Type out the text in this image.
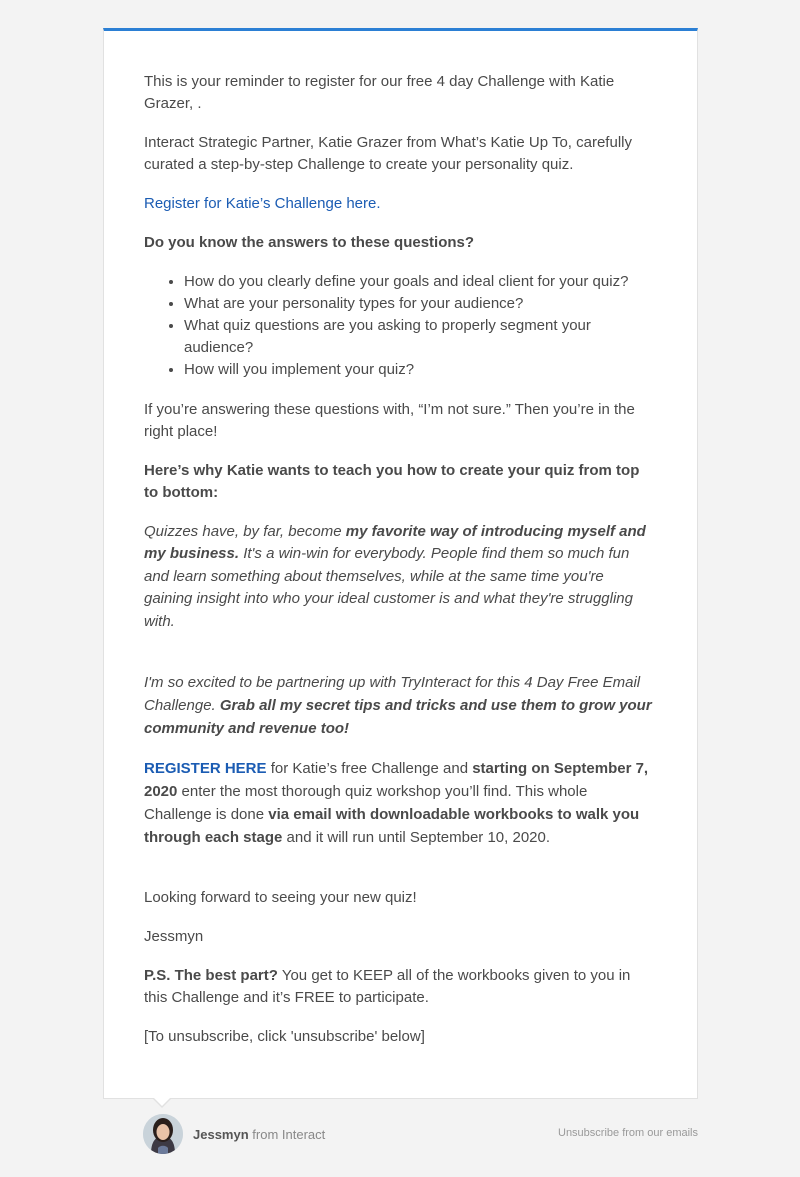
This is your reminder to register for our free 4 day Challenge with Katie Grazer, .

Interact Strategic Partner, Katie Grazer from What’s Katie Up To, carefully curated a step-by-step Challenge to create your personality quiz.

Register for Katie’s Challenge here.

Do you know the answers to these questions?

• How do you clearly define your goals and ideal client for your quiz?
• What are your personality types for your audience?
• What quiz questions are you asking to properly segment your audience?
• How will you implement your quiz?

If you’re answering these questions with, “I’m not sure.” Then you’re in the right place!

Here’s why Katie wants to teach you how to create your quiz from top to bottom:

Quizzes have, by far, become my favorite way of introducing myself and my business. It's a win-win for everybody. People find them so much fun and learn something about themselves, while at the same time you're gaining insight into who your ideal customer is and what they're struggling with.

I'm so excited to be partnering up with TryInteract for this 4 Day Free Email Challenge. Grab all my secret tips and tricks and use them to grow your community and revenue too!

REGISTER HERE for Katie’s free Challenge and starting on September 7, 2020 enter the most thorough quiz workshop you’ll find. This whole Challenge is done via email with downloadable workbooks to walk you through each stage and it will run until September 10, 2020.

Looking forward to seeing your new quiz!

Jessmyn

P.S. The best part? You get to KEEP all of the workbooks given to you in this Challenge and it’s FREE to participate.

[To unsubscribe, click 'unsubscribe' below]

Jessmyn from Interact	Unsubscribe from our emails
